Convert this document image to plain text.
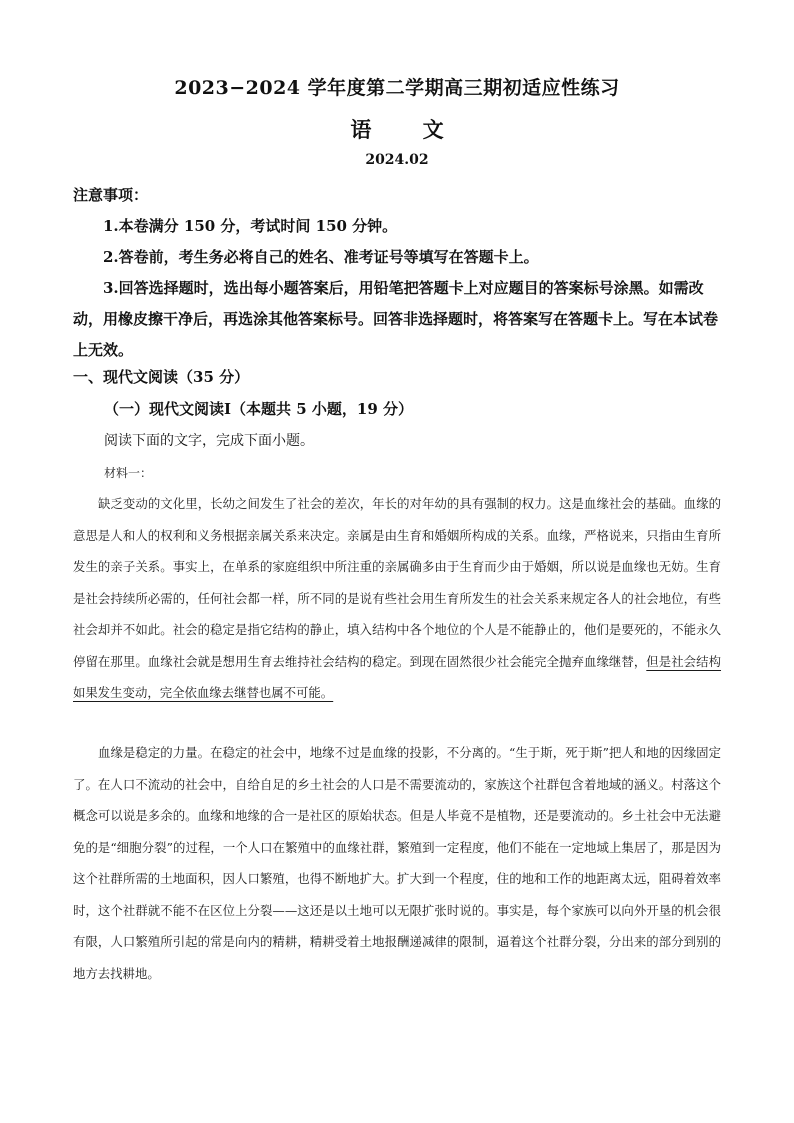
2023−2024 学年度第二学期高三期初适应性练习
语 文
2024.02

注意事项：

1.本卷满分 150 分，考试时间 150 分钟。

2.答卷前，考生务必将自己的姓名、准考证号等填写在答题卡上。

3.回答选择题时，选出每小题答案后，用铅笔把答题卡上对应题目的答案标号涂黑。如需改动，用橡皮擦干净后，再选涂其他答案标号。回答非选择题时，将答案写在答题卡上。写在本试卷上无效。

一、现代文阅读（35 分）
（一）现代文阅读Ⅰ（本题共 5 小题，19 分）
阅读下面的文字，完成下面小题。
材料一：

缺乏变动的文化里，长幼之间发生了社会的差次，年长的对年幼的具有强制的权力。这是血缘社会的基础。血缘的意思是人和人的权利和义务根据亲属关系来决定。亲属是由生育和婚姻所构成的关系。血缘，严格说来，只指由生育所发生的亲子关系。事实上，在单系的家庭组织中所注重的亲属确多由于生育而少由于婚姻，所以说是血缘也无妨。生育是社会持续所必需的，任何社会都一样，所不同的是说有些社会用生育所发生的社会关系来规定各人的社会地位，有些社会却并不如此。社会的稳定是指它结构的静止，填入结构中各个地位的个人是不能静止的，他们是要死的，不能永久停留在那里。血缘社会就是想用生育去维持社会结构的稳定。到现在固然很少社会能完全抛弃血缘继替，但是社会结构如果发生变动，完全依血缘去继替也属不可能。

血缘是稳定的力量。在稳定的社会中，地缘不过是血缘的投影，不分离的。“生于斯，死于斯”把人和地的因缘固定了。在人口不流动的社会中，自给自足的乡土社会的人口是不需要流动的，家族这个社群包含着地域的涵义。村落这个概念可以说是多余的。血缘和地缘的合一是社区的原始状态。但是人毕竟不是植物，还是要流动的。乡土社会中无法避免的是“细胞分裂”的过程，一个人口在繁殖中的血缘社群，繁殖到一定程度，他们不能在一定地域上集居了，那是因为这个社群所需的土地面积，因人口繁殖，也得不断地扩大。扩大到一个程度，住的地和工作的地距离太远，阻碍着效率时，这个社群就不能不在区位上分裂——这还是以土地可以无限扩张时说的。事实是，每个家族可以向外开垦的机会很有限，人口繁殖所引起的常是向内的精耕，精耕受着土地报酬递减律的限制，逼着这个社群分裂，分出来的部分到别的地方去找耕地。
